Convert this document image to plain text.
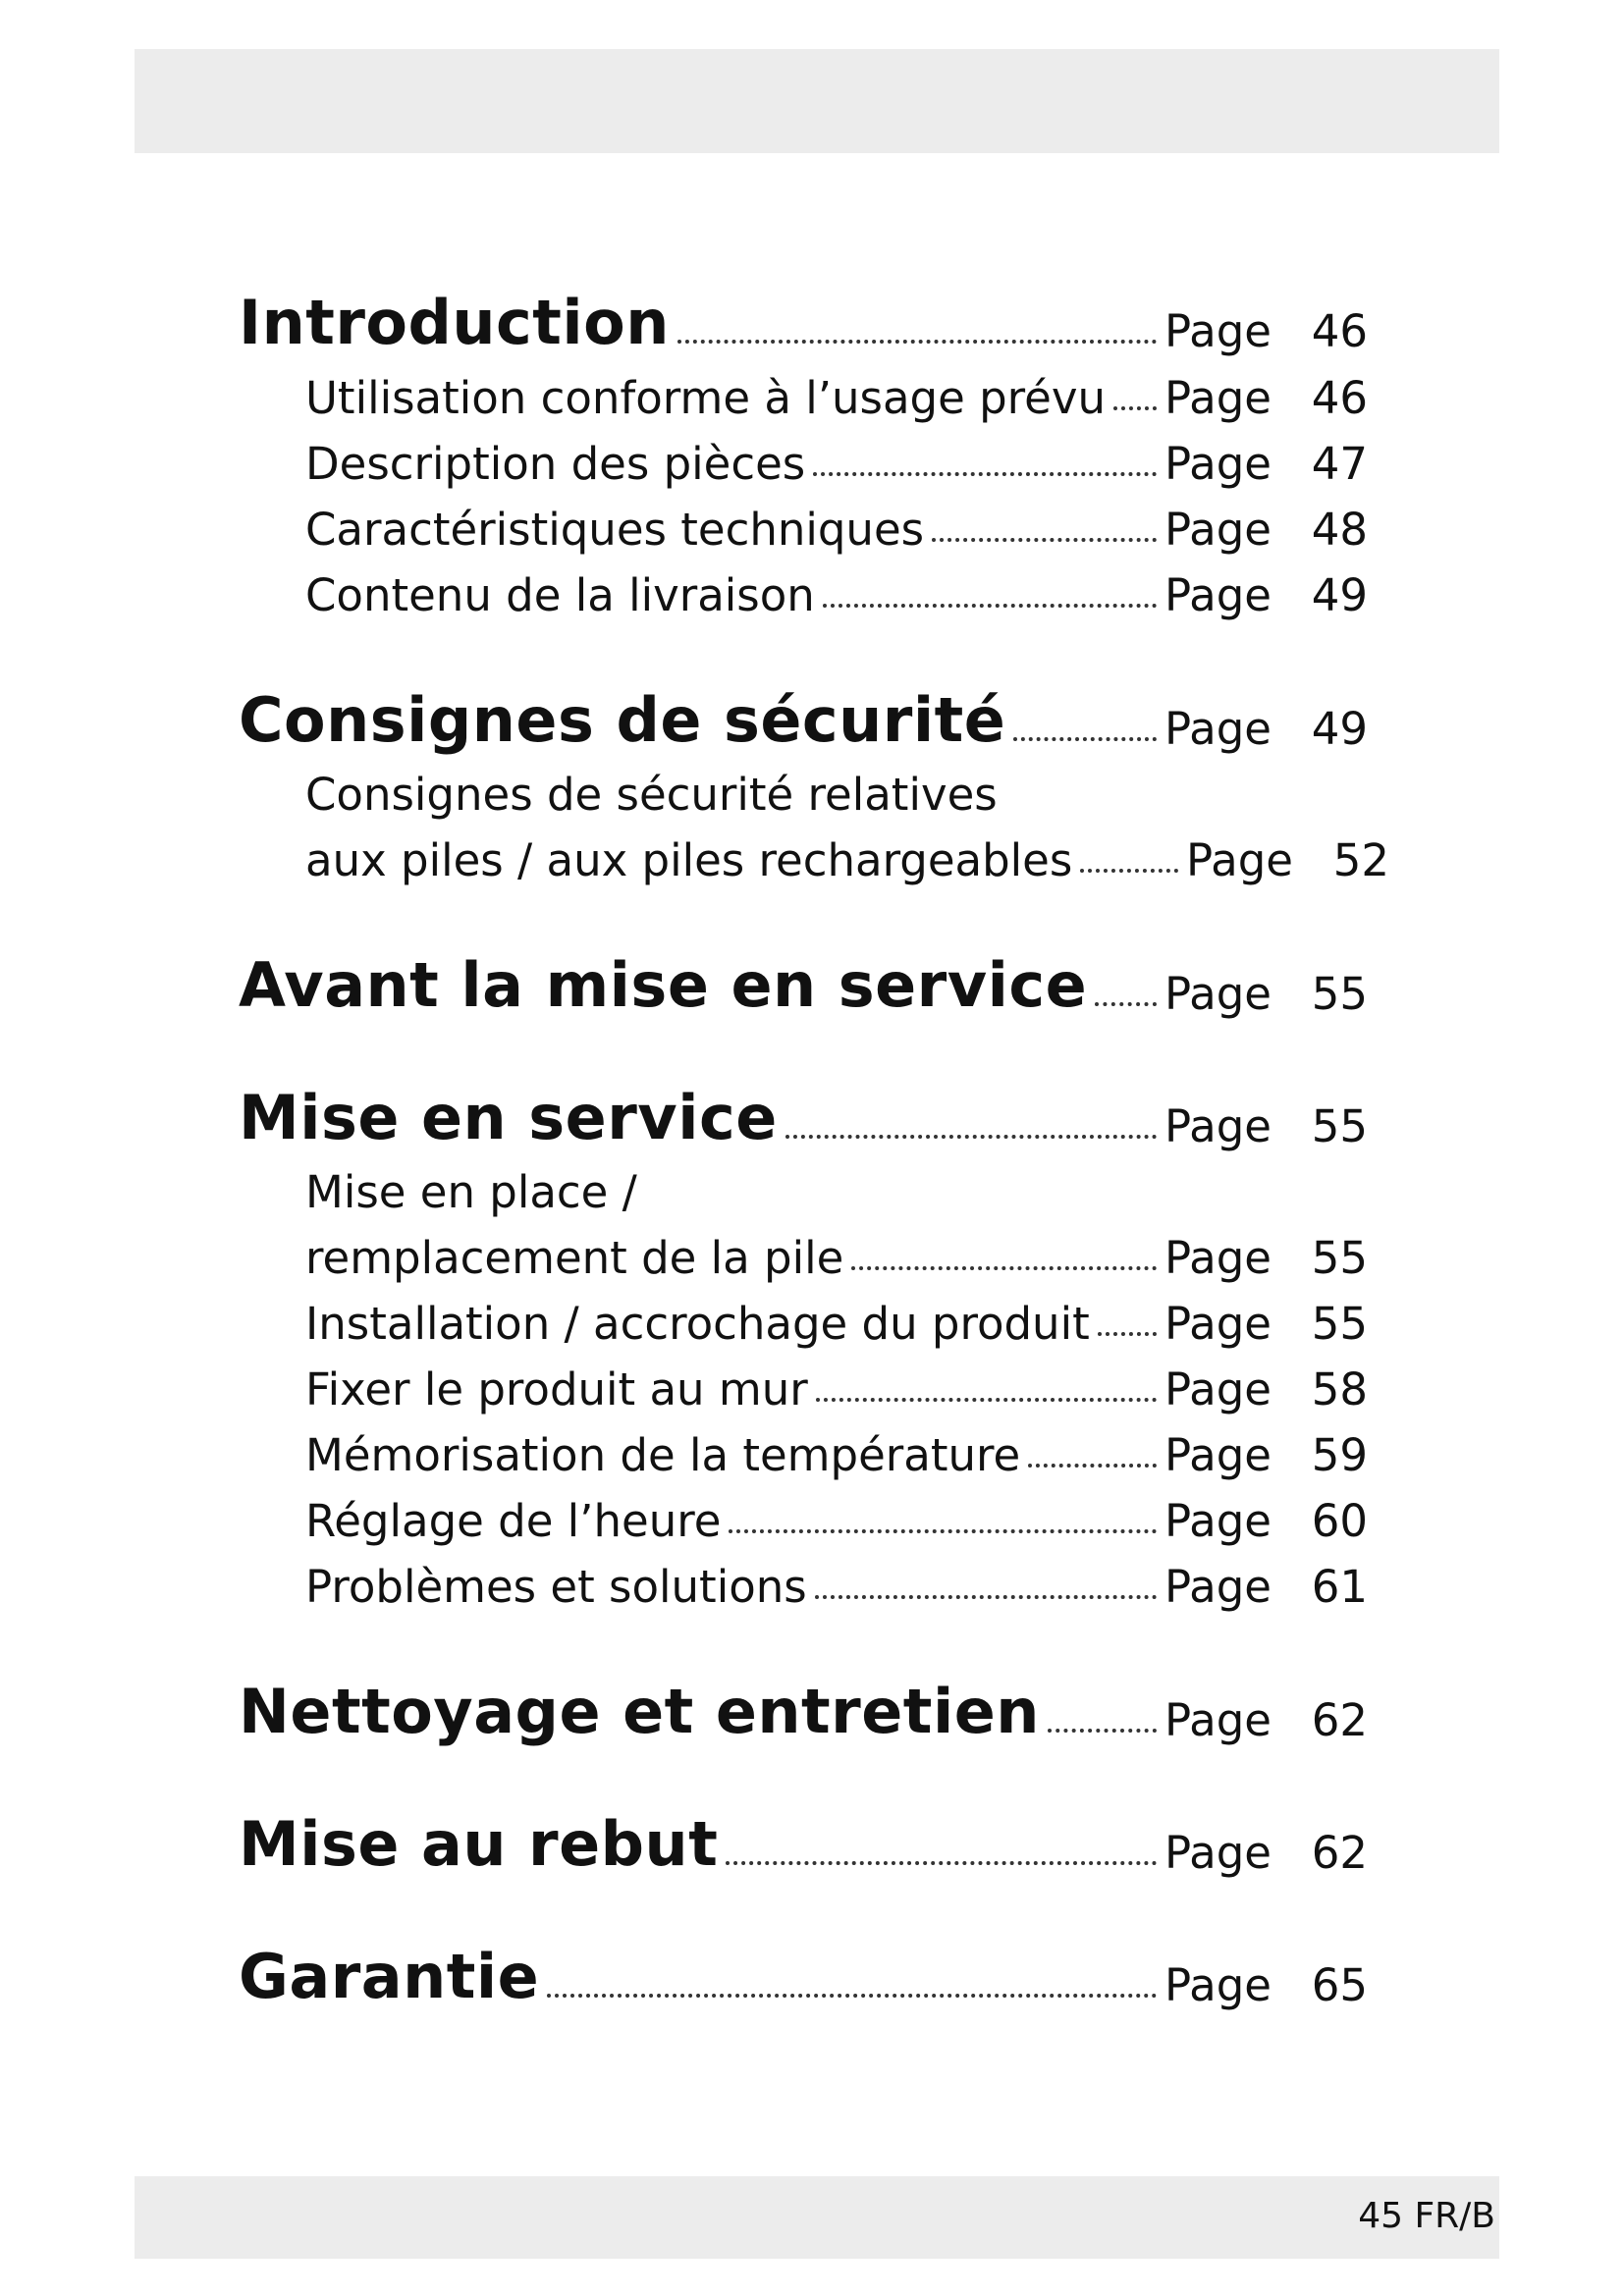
Introduction	Page 46
Utilisation conforme à l’usage prévu Page 46
Description des pièces	Page 47
Caractéristiques techniques	Page 48
Contenu de la livraison	Page 49
Consignes de sécurité	Page 49
Consignes de sécurité relatives
aux piles / aux piles rechargeables	Page 52
Avant la mise en service Page 55
Mise en service	Page 55
Mise en place /
remplacement de la pile	Page 55
Installation / accrochage du produit Page 55
Fixer le produit au mur	Page 58
Mémorisation de la température	Page 59
Réglage de l’heure	Page 60
Problèmes et solutions	Page 61
Nettoyage et entretien	Page 62
Mise au rebut	Page 62
Garantie	Page 65
45 FR/B
